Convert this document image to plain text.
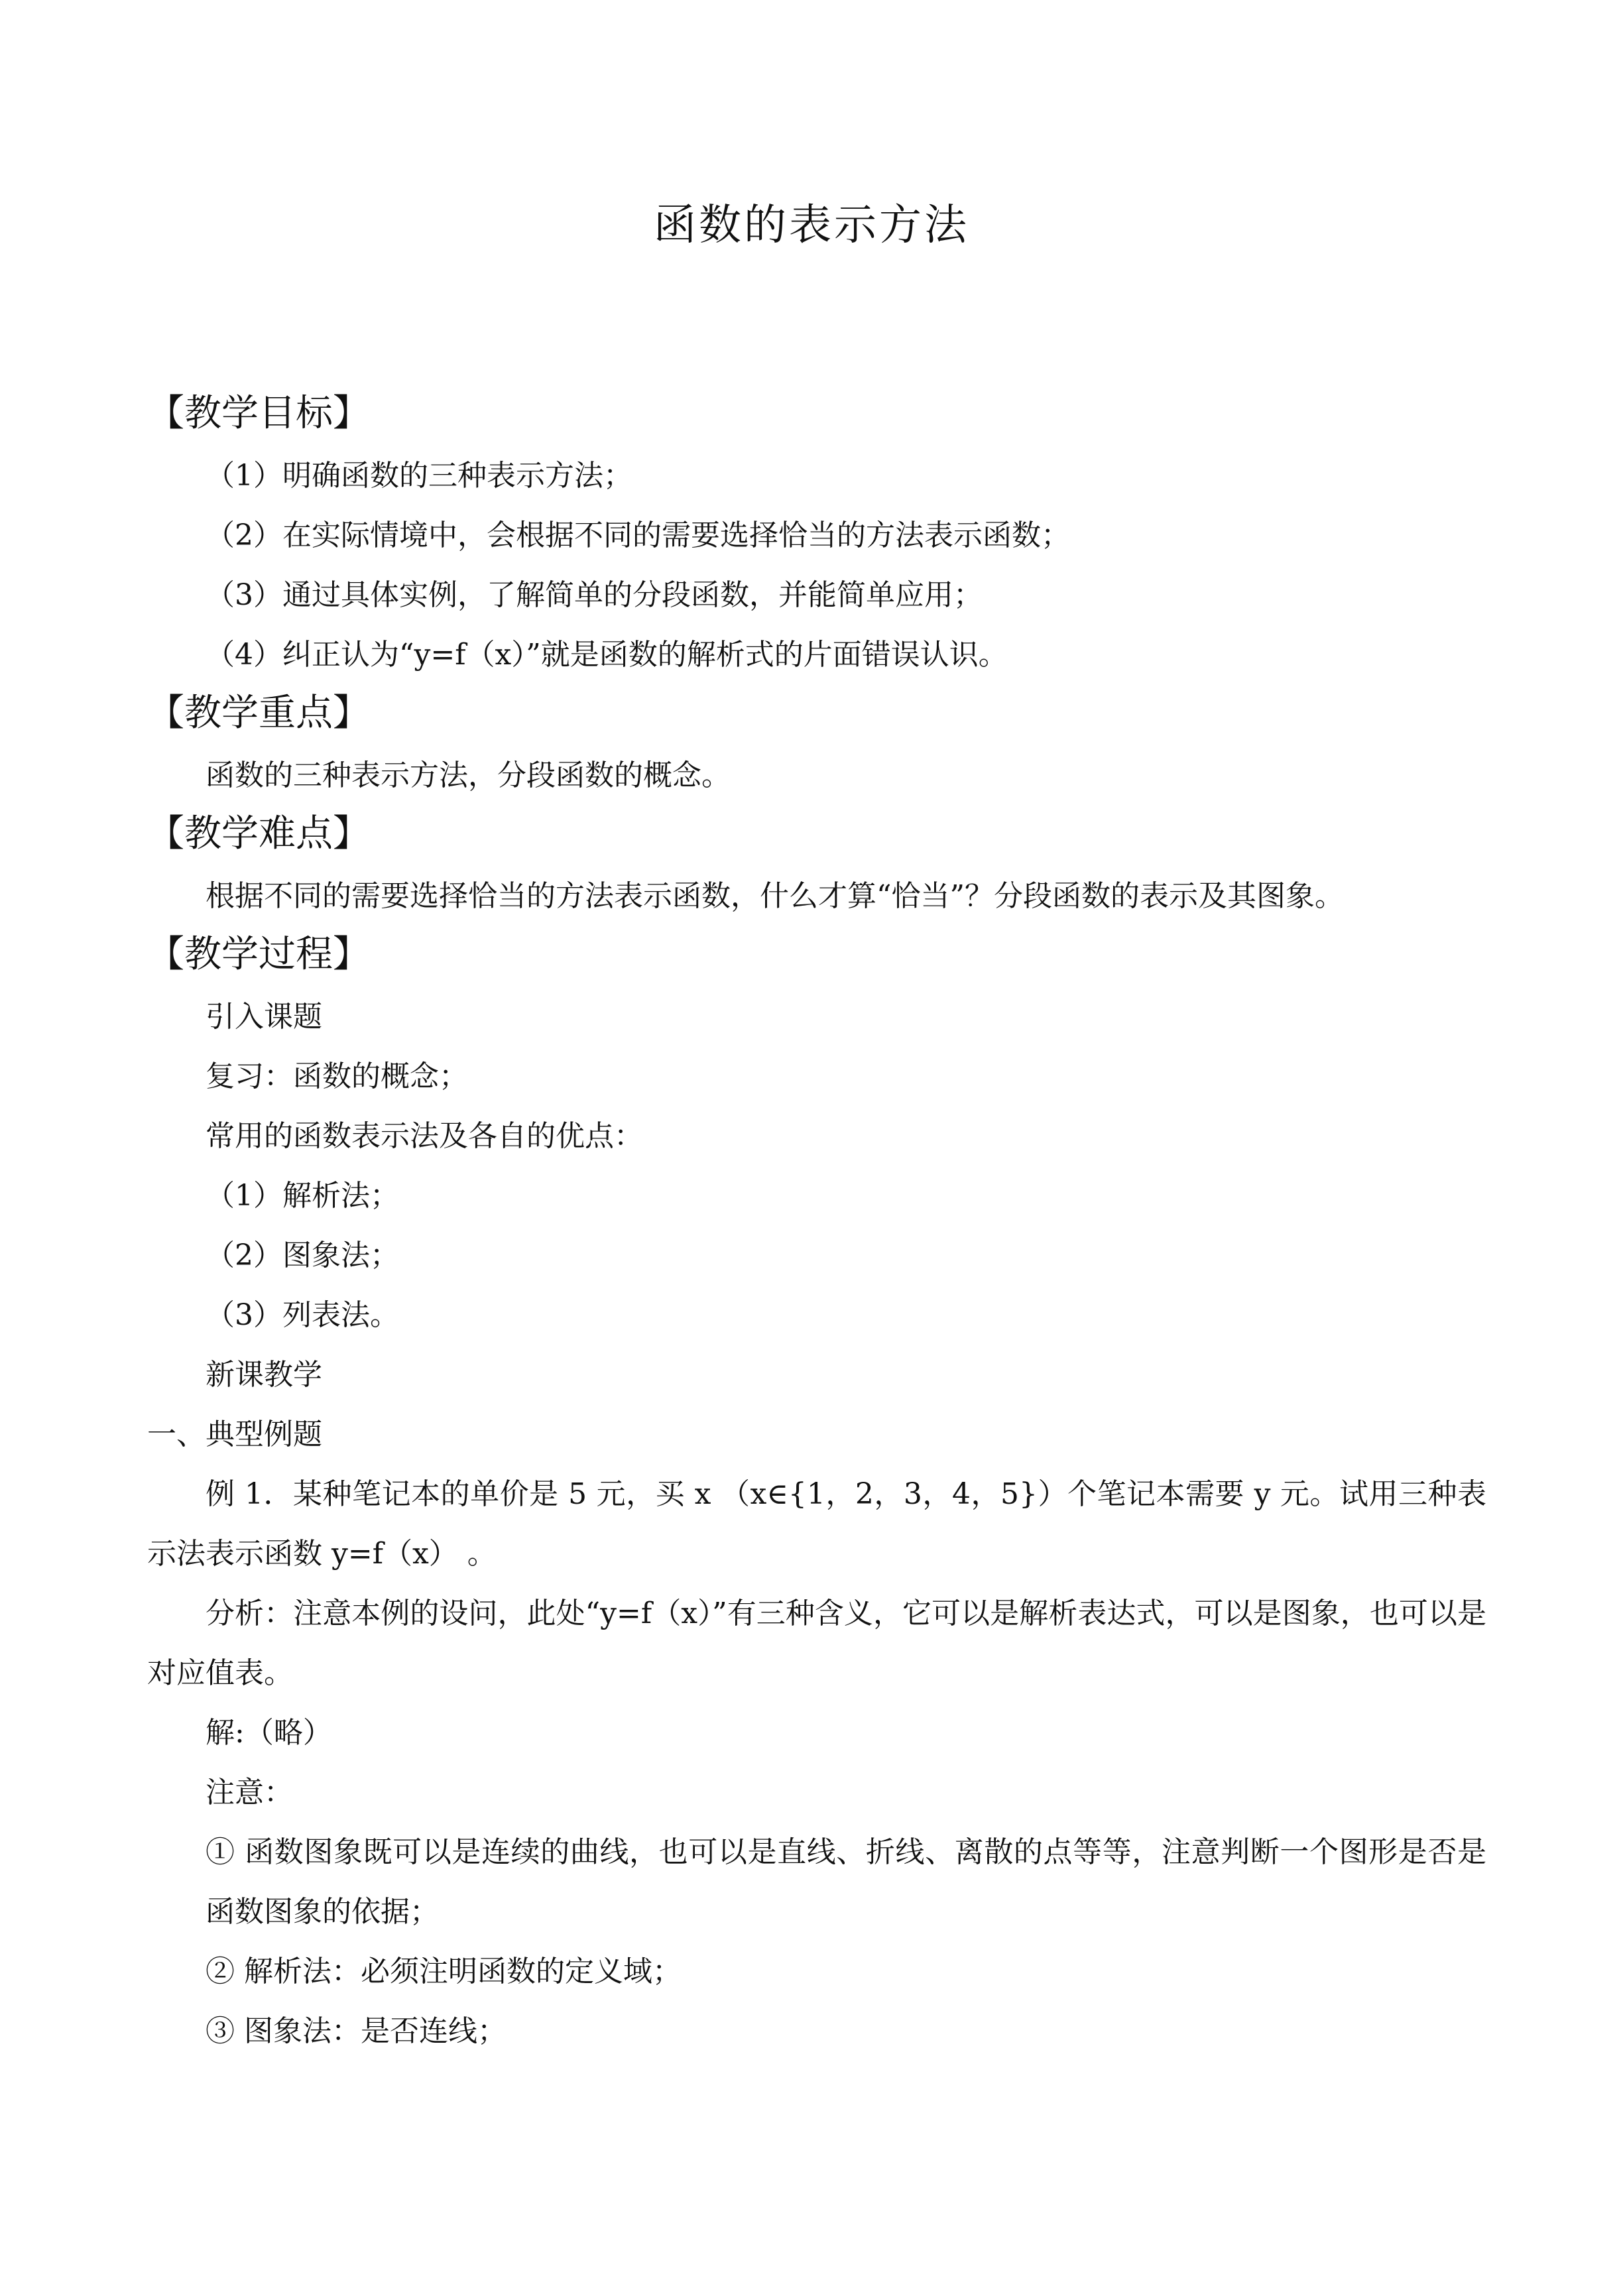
函数的表示方法
【教学目标】
（1）明确函数的三种表示方法；
（2）在实际情境中，会根据不同的需要选择恰当的方法表示函数；
（3）通过具体实例，了解简单的分段函数，并能简单应用；
（4）纠正认为“y=f（x）”就是函数的解析式的片面错误认识。
【教学重点】
函数的三种表示方法，分段函数的概念。
【教学难点】
根据不同的需要选择恰当的方法表示函数，什么才算“恰当”？分段函数的表示及其图象。
【教学过程】
引入课题
复习：函数的概念；
常用的函数表示法及各自的优点：
（1）解析法；
（2）图象法；
（3）列表法。
新课教学
一、典型例题
例 1．某种笔记本的单价是 5 元，买 x （x∈{1，2，3，4，5}）个笔记本需要 y 元。试用三种表示法表示函数 y=f（x） 。
分析：注意本例的设问，此处“y=f（x）”有三种含义，它可以是解析表达式，可以是图象，也可以是对应值表。
解:（略）
注意：
① 函数图象既可以是连续的曲线，也可以是直线、折线、离散的点等等，注意判断一个图形是否是函数图象的依据；
② 解析法：必须注明函数的定义域；
③ 图象法：是否连线；
